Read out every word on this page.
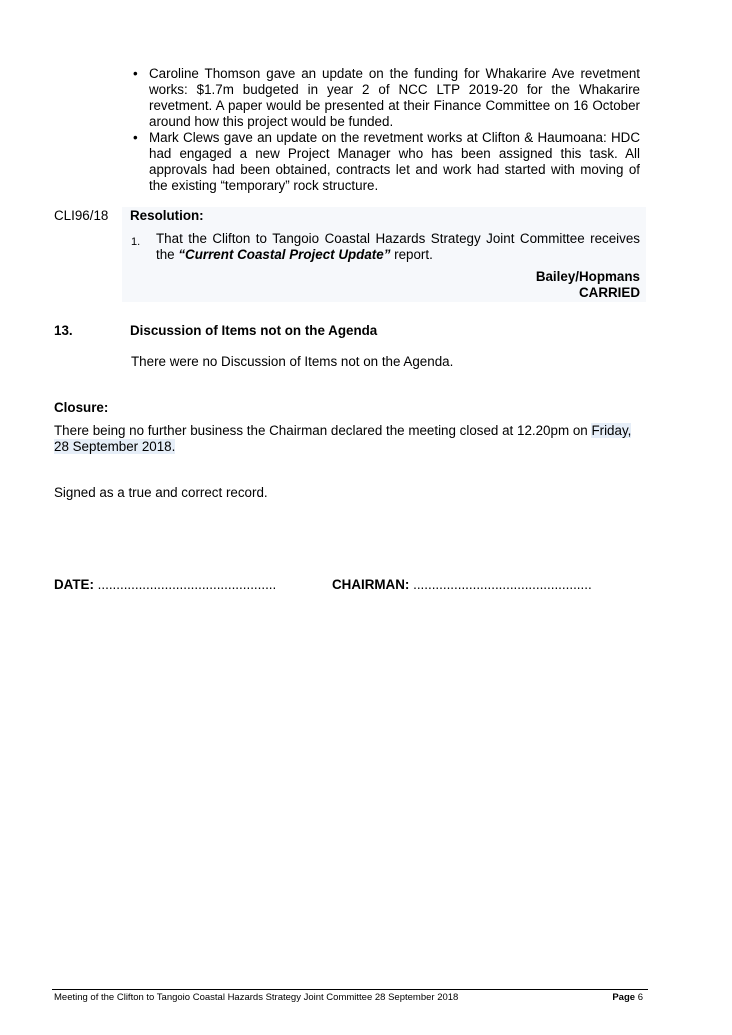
• Caroline Thomson gave an update on the funding for Whakarire Ave revetment works: $1.7m budgeted in year 2 of NCC LTP 2019-20 for the Whakarire revetment. A paper would be presented at their Finance Committee on 16 October around how this project would be funded.
• Mark Clews gave an update on the revetment works at Clifton & Haumoana: HDC had engaged a new Project Manager who has been assigned this task. All approvals had been obtained, contracts let and work had started with moving of the existing “temporary” rock structure.
CLI96/18 Resolution:
1. That the Clifton to Tangoio Coastal Hazards Strategy Joint Committee receives the “Current Coastal Project Update” report.
Bailey/Hopmans
CARRIED
13.	Discussion of Items not on the Agenda
There were no Discussion of Items not on the Agenda.
Closure:
There being no further business the Chairman declared the meeting closed at 12.20pm on Friday, 28 September 2018.
Signed as a true and correct record.
DATE: ................................................	CHAIRMAN: ................................................
Meeting of the Clifton to Tangoio Coastal Hazards Strategy Joint Committee 28 September 2018	Page 6
